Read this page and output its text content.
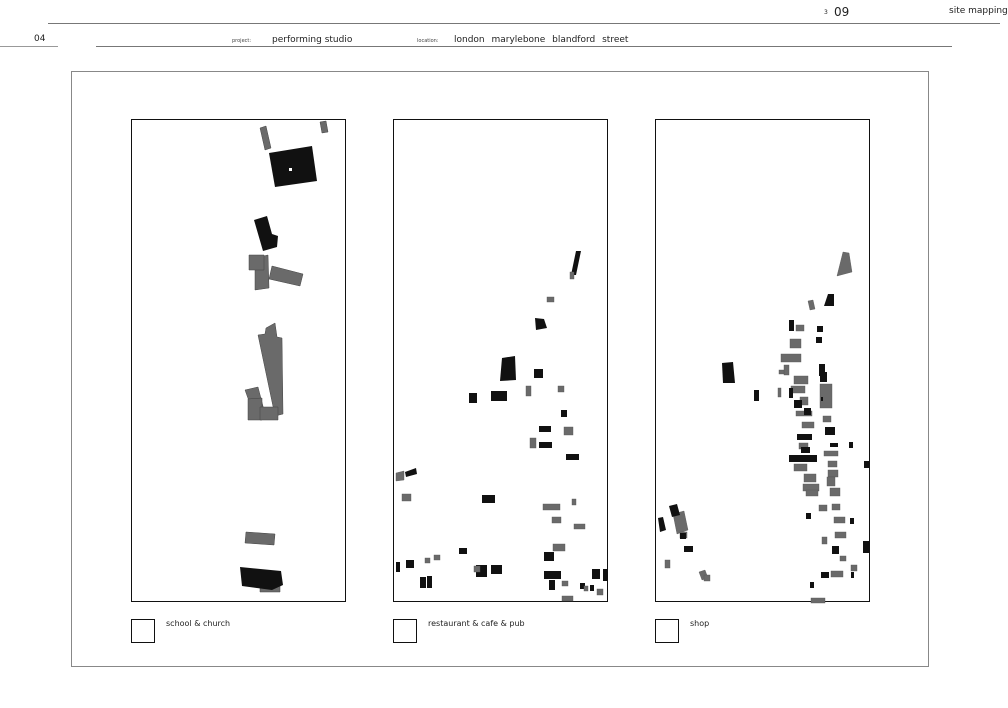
04
3 09	site mapping
project: performing studio	location: london marylebone blandford street
school & church	restaurant & cafe & pub	shop
